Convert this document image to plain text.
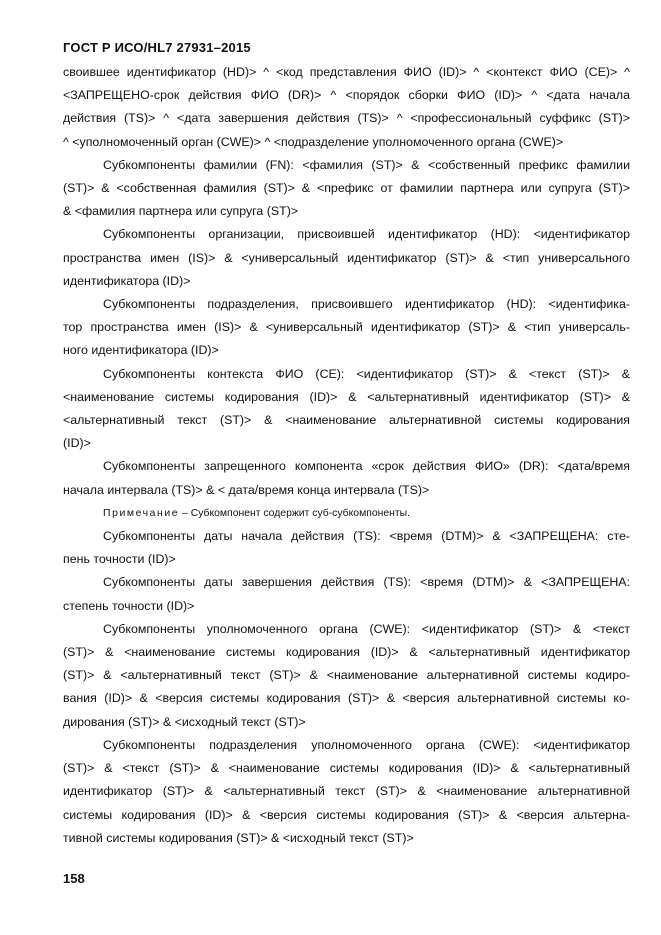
ГОСТ Р ИСО/HL7 27931–2015
своившее идентификатор (HD)> ^ <код представления ФИО (ID)> ^ <контекст ФИО (CE)> ^
<ЗАПРЕЩЕНО-срок действия ФИО (DR)> ^ <порядок сборки ФИО (ID)> ^ <дата начала
действия (TS)> ^ <дата завершения действия (TS)> ^ <профессиональный суффикс (ST)>
^ <уполномоченный орган (CWE)> ^ <подразделение уполномоченного органа (CWE)>
Субкомпоненты фамилии (FN): <фамилия (ST)> & <собственный префикс фамилии
(ST)> & <собственная фамилия (ST)> & <префикс от фамилии партнера или супруга (ST)>
& <фамилия партнера или супруга (ST)>
Субкомпоненты организации, присвоившей идентификатор (HD): <идентификатор
пространства имен (IS)> & <универсальный идентификатор (ST)> & <тип универсального
идентификатора (ID)>
Субкомпоненты подразделения, присвоившего идентификатор (HD): <идентифика-
тор пространства имен (IS)> & <универсальный идентификатор (ST)> & <тип универсаль-
ного идентификатора (ID)>
Субкомпоненты контекста ФИО (CE): <идентификатор (ST)> & <текст (ST)> &
<наименование системы кодирования (ID)> & <альтернативный идентификатор (ST)> &
<альтернативный текст (ST)> & <наименование альтернативной системы кодирования
(ID)>
Субкомпоненты запрещенного компонента «срок действия ФИО» (DR): <дата/время
начала интервала (TS)> & < дата/время конца интервала (TS)>
Примечание – Субкомпонент содержит суб-субкомпоненты.
Субкомпоненты даты начала действия (TS): <время (DTM)> & <ЗАПРЕЩЕНА: сте-
пень точности (ID)>
Субкомпоненты даты завершения действия (TS): <время (DTM)> & <ЗАПРЕЩЕНА:
степень точности (ID)>
Субкомпоненты уполномоченного органа (CWE): <идентификатор (ST)> & <текст
(ST)> & <наименование системы кодирования (ID)> & <альтернативный идентификатор
(ST)> & <альтернативный текст (ST)> & <наименование альтернативной системы кодиро-
вания (ID)> & <версия системы кодирования (ST)> & <версия альтернативной системы ко-
дирования (ST)> & <исходный текст (ST)>
Субкомпоненты подразделения уполномоченного органа (CWE): <идентификатор
(ST)> & <текст (ST)> & <наименование системы кодирования (ID)> & <альтернативный
идентификатор (ST)> & <альтернативный текст (ST)> & <наименование альтернативной
системы кодирования (ID)> & <версия системы кодирования (ST)> & <версия альтерна-
тивной системы кодирования (ST)> & <исходный текст (ST)>
158
